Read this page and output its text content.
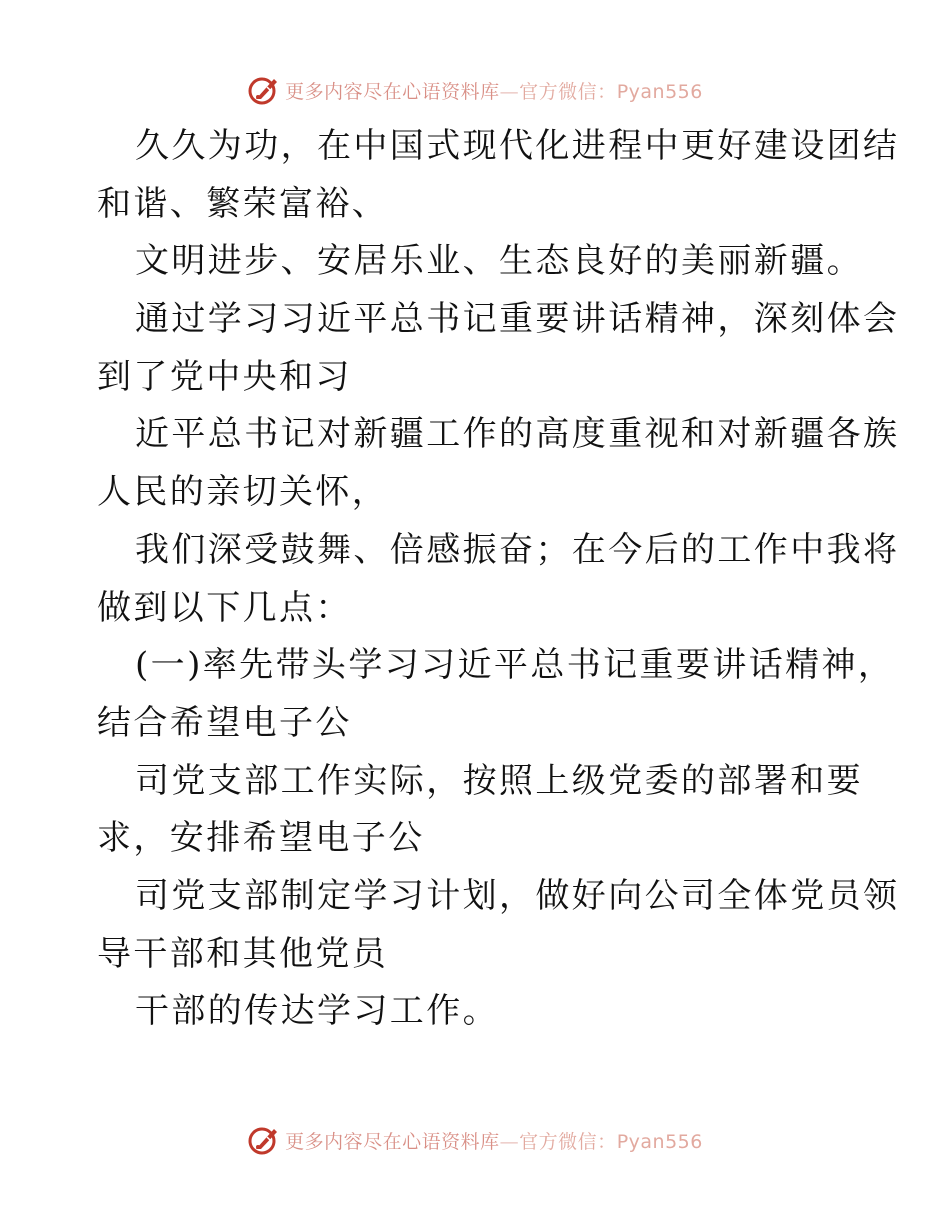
更多内容尽在心语资料库—官方微信：Pyan556
久久为功，在中国式现代化进程中更好建设团结
和谐、繁荣富裕、
文明进步、安居乐业、生态良好的美丽新疆。
通过学习习近平总书记重要讲话精神，深刻体会
到了党中央和习
近平总书记对新疆工作的高度重视和对新疆各族
人民的亲切关怀，
我们深受鼓舞、倍感振奋；在今后的工作中我将
做到以下几点：
(一)率先带头学习习近平总书记重要讲话精神，
结合希望电子公
司党支部工作实际，按照上级党委的部署和要
求，安排希望电子公
司党支部制定学习计划，做好向公司全体党员领
导干部和其他党员
干部的传达学习工作。
更多内容尽在心语资料库—官方微信：Pyan556
